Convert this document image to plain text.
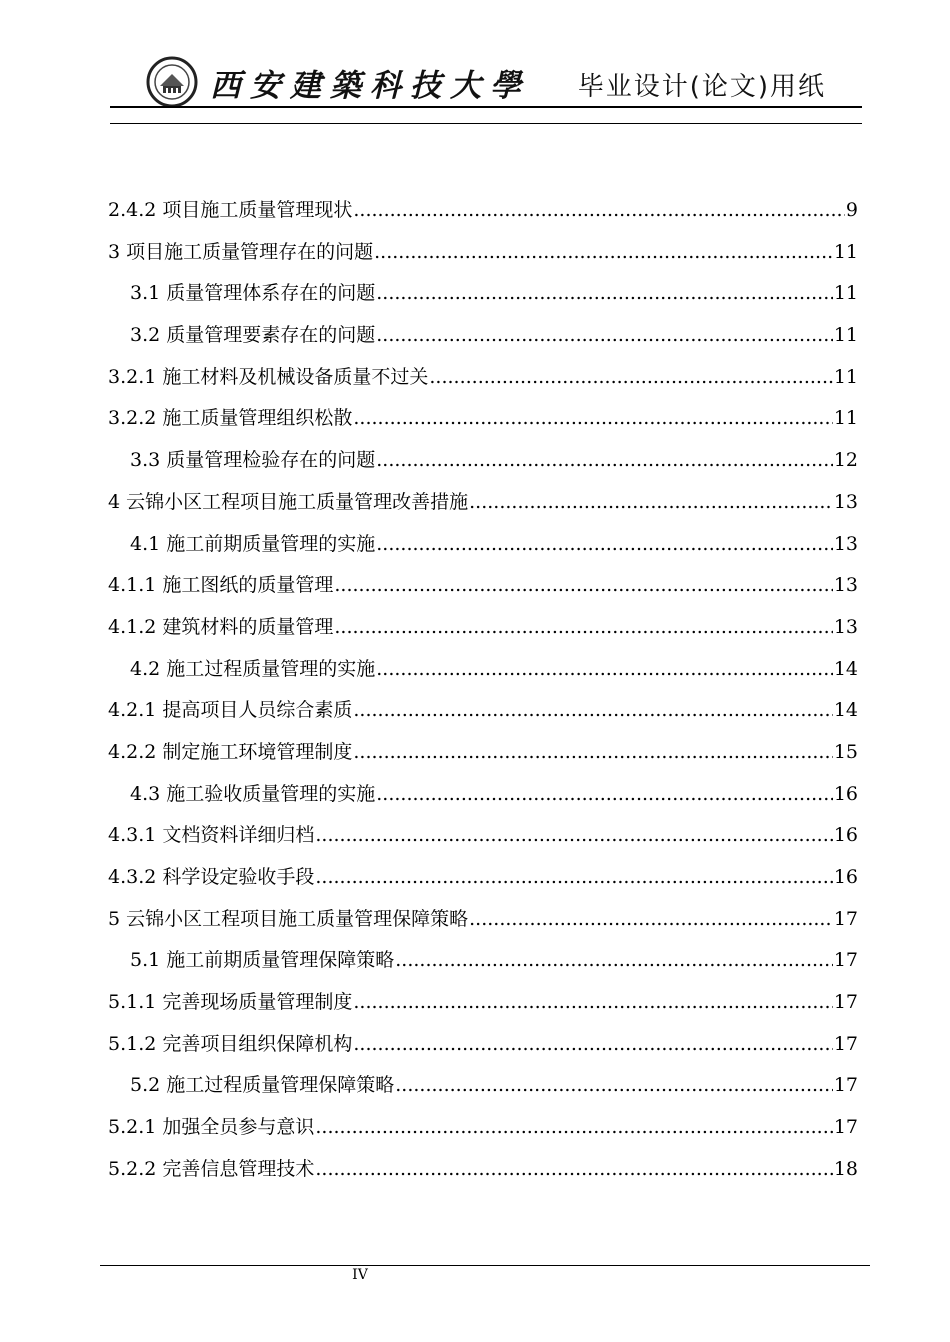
西安建築科技大學 毕业设计(论文)用纸
2.4.2 项目施工质量管理现状 .....	9
3 项目施工质量管理存在的问题 .....	11
3.1 质量管理体系存在的问题 .....	11
3.2 质量管理要素存在的问题 .....	11
3.2.1 施工材料及机械设备质量不过关 .....	11
3.2.2 施工质量管理组织松散 .....	11
3.3 质量管理检验存在的问题 .....	12
4 云锦小区工程项目施工质量管理改善措施 .....	13
4.1 施工前期质量管理的实施 .....	13
4.1.1 施工图纸的质量管理 .....	13
4.1.2 建筑材料的质量管理 .....	13
4.2 施工过程质量管理的实施 .....	14
4.2.1 提高项目人员综合素质 .....	14
4.2.2 制定施工环境管理制度 .....	15
4.3 施工验收质量管理的实施 .....	16
4.3.1 文档资料详细归档 .....	16
4.3.2 科学设定验收手段 .....	16
5 云锦小区工程项目施工质量管理保障策略 .....	17
5.1 施工前期质量管理保障策略 .....	17
5.1.1 完善现场质量管理制度 .....	17
5.1.2 完善项目组织保障机构 .....	17
5.2 施工过程质量管理保障策略 .....	17
5.2.1 加强全员参与意识 .....	17
5.2.2 完善信息管理技术 .....	18
IV
